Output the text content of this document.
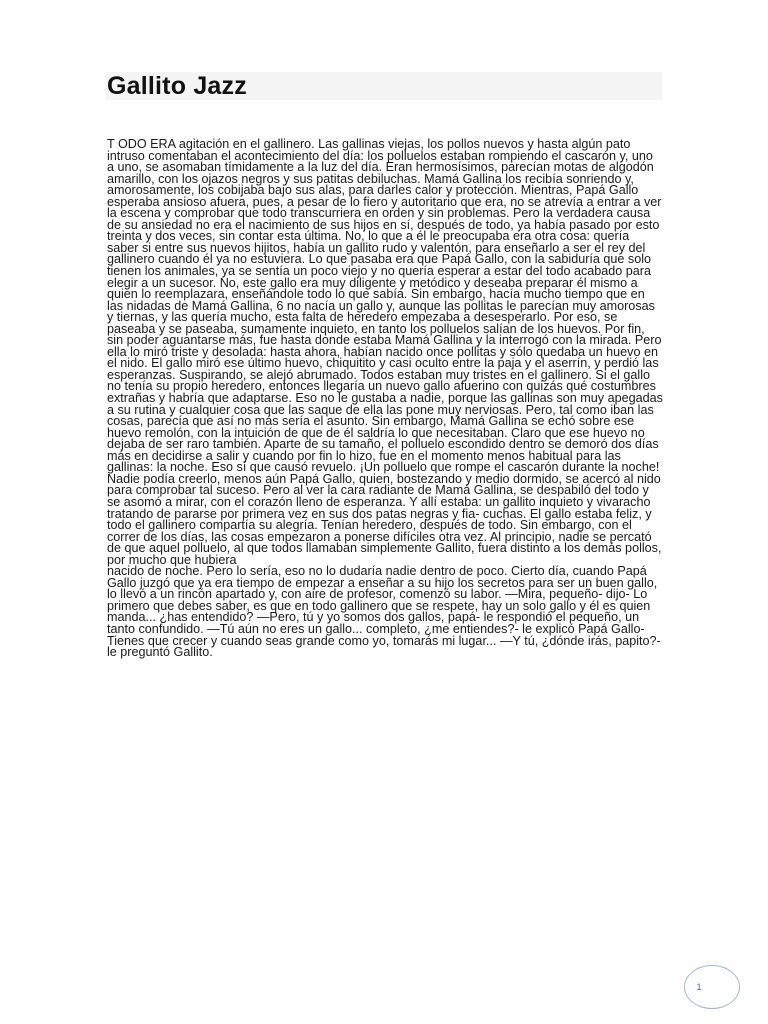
Gallito Jazz

T ODO ERA agitación en el gallinero. Las gallinas viejas, los pollos nuevos y hasta algún pato intruso comentaban el acontecimiento del día: los polluelos estaban rompiendo el cascarón y, uno a uno, se asomaban tímidamente a la luz del día. Eran hermosísimos, parecían motas de algodón amarillo, con los ojazos negros y sus patitas debiluchas. Mamá Gallina los recibía sonriendo y, amorosamente, los cobijaba bajo sus alas, para darles calor y protección. Mientras, Papá Gallo esperaba ansioso afuera, pues, a pesar de lo fiero y autoritario que era, no se atrevía a entrar a ver la escena y comprobar que todo transcurriera en orden y sin problemas. Pero la verdadera causa de su ansiedad no era el nacimiento de sus hijos en sí, después de todo, ya había pasado por esto treinta y dos veces, sin contar esta última. No, lo que a él le preocupaba era otra cosa: quería saber si entre sus nuevos hijitos, había un gallito rudo y valentón, para enseñarlo a ser el rey del gallinero cuando él ya no estuviera. Lo que pasaba era que Papá Gallo, con la sabiduría que solo tienen los animales, ya se sentía un poco viejo y no quería esperar a estar del todo acabado para elegir a un sucesor. No, este gallo era muy diligente y metódico y deseaba preparar él mismo a quien lo reemplazara, enseñándole todo lo que sabía. Sin embargo, hacía mucho tiempo que en las nidadas de Mamá Gallina, 6 no nacía un gallo y, aunque las pollitas le parecían muy amorosas y tiernas, y las quería mucho, esta falta de heredero empezaba a desesperarlo. Por eso, se paseaba y se paseaba, sumamente inquieto, en tanto los polluelos salían de los huevos. Por fin, sin poder aguantarse más, fue hasta donde estaba Mamá Gallina y la interrogó con la mirada. Pero ella lo miró triste y desolada: hasta ahora, habían nacido once pollitas y sólo quedaba un huevo en el nido. El gallo miró ese último huevo, chiquitito y casi oculto entre la paja y el aserrín, y perdió las esperanzas. Suspirando, se alejó abrumado. Todos estaban muy tristes en el gallinero. Si el gallo no tenía su propio heredero, entonces llegaría un nuevo gallo afuerino con quizás qué costumbres extrañas y habría que adaptarse. Eso no le gustaba a nadie, porque las gallinas son muy apegadas a su rutina y cualquier cosa que las saque de ella las pone muy nerviosas. Pero, tal como iban las cosas, parecía que así no más sería el asunto. Sin embargo, Mamá Gallina se echó sobre ese huevo remolón, con la intuición de que de él saldría lo que necesitaban. Claro que ese huevo no dejaba de ser raro también. Aparte de su tamaño, el polluelo escondido dentro se demoró dos días más en decidirse a salir y cuando por fin lo hizo, fue en el momento menos habitual para las gallinas: la noche. Eso sí que causó revuelo. ¡Un polluelo que rompe el cascarón durante la noche! Nadie podía creerlo, menos aún Papá Gallo, quien, bostezando y medio dormido, se acercó al nido para comprobar tal suceso. Pero al ver la cara radiante de Mamá Gallina, se despabiló del todo y se asomó a mirar, con el corazón lleno de esperanza. Y allí estaba: un gallito inquieto y vivaracho tratando de pararse por primera vez en sus dos patas negras y fia- cuchas. El gallo estaba feliz, y todo el gallinero compartía su alegría. Tenían heredero, después de todo. Sin embargo, con el correr de los días, las cosas empezaron a ponerse difíciles otra vez. Al principio, nadie se percató de que aquel polluelo, al que todos llamaban simplemente Gallito, fuera distinto a los demás pollos, por mucho que hubiera

nacido de noche. Pero lo sería, eso no lo dudaría nadie dentro de poco. Cierto día, cuando Papá Gallo juzgó que ya era tiempo de empezar a enseñar a su hijo los secretos para ser un buen gallo, lo llevó a un rincón apartado y, con aire de profesor, comenzó su labor. —Mira, pequeño- dijo- Lo primero que debes saber, es que en todo gallinero que se respete, hay un solo gallo y él es quien manda... ¿has entendido? —Pero, tú y yo somos dos gallos, papá- le respondió el pequeño, un tanto confundido. —Tú aún no eres un gallo... completo, ¿me entiendes?- le explicó Papá Gallo- Tienes que crecer y cuando seas grande como yo, tomarás mi lugar... —Y tú, ¿dónde irás, papito?- le preguntó Gallito.

1
